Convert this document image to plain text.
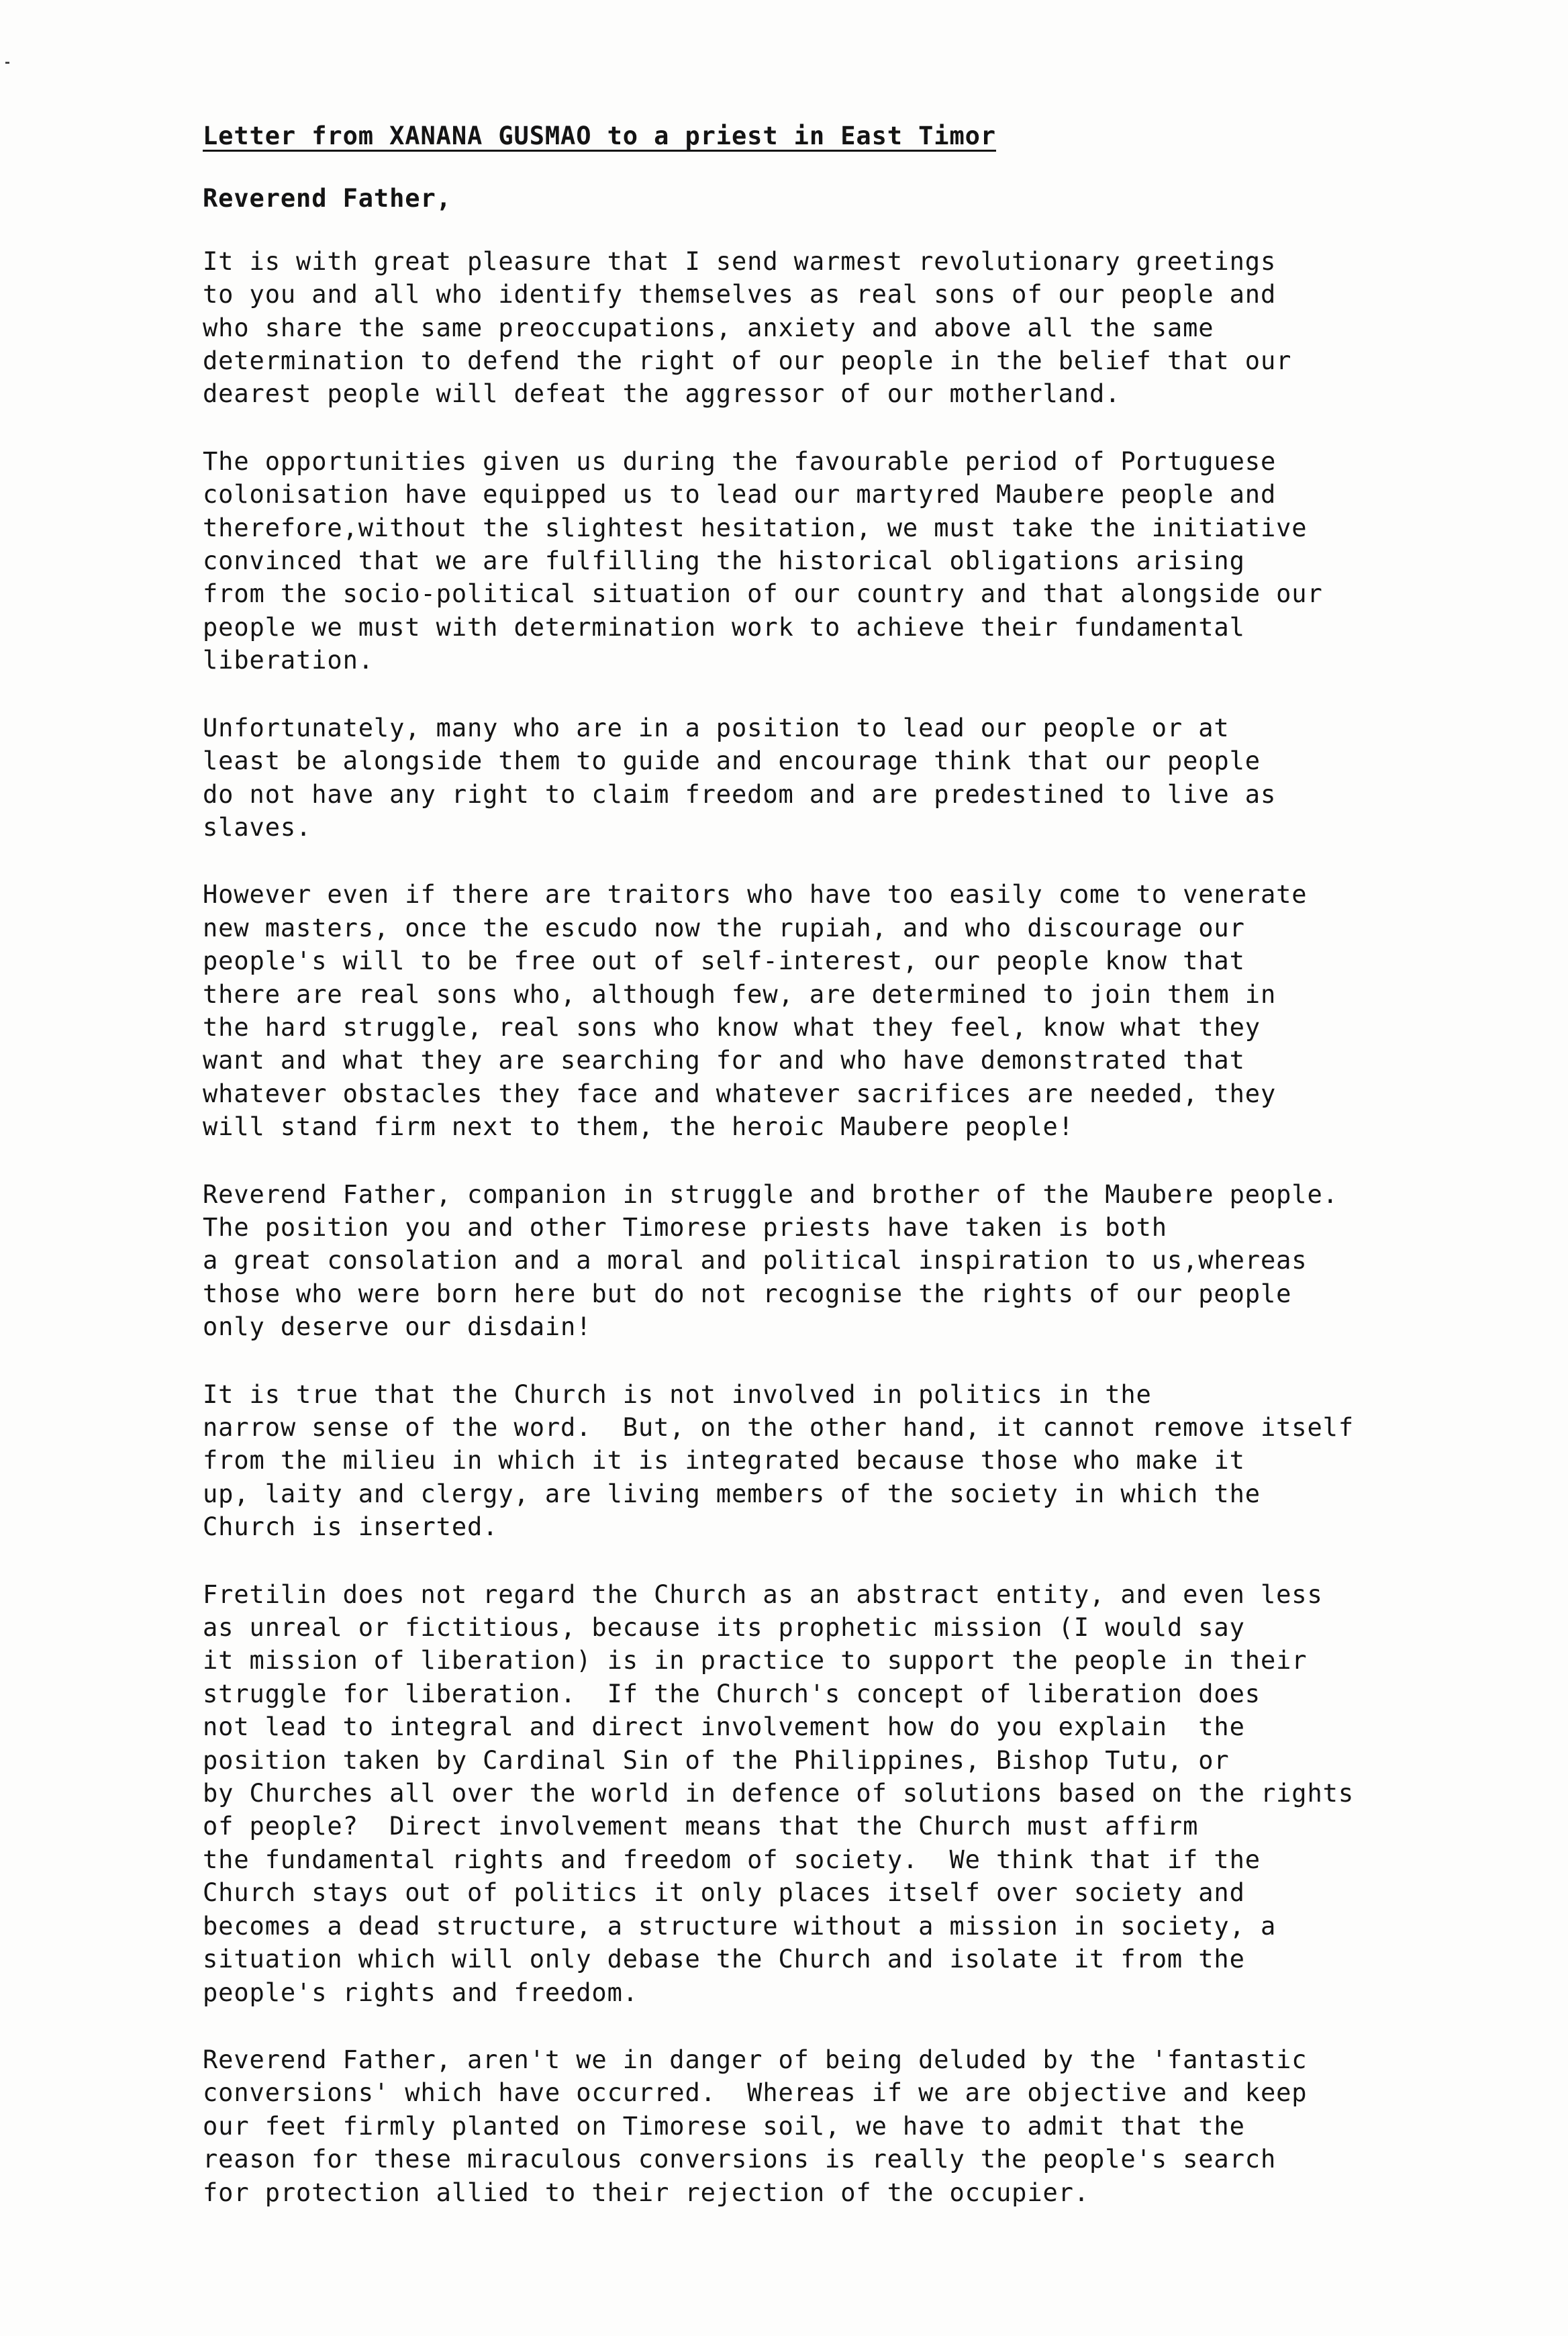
Letter from XANANA GUSMAO to a priest in East Timor
Reverend Father,
It is with great pleasure that I send warmest revolutionary greetings
to you and all who identify themselves as real sons of our people and
who share the same preoccupations, anxiety and above all the same
determination to defend the right of our people in the belief that our
dearest people will defeat the aggressor of our motherland.
The opportunities given us during the favourable period of Portuguese
colonisation have equipped us to lead our martyred Maubere people and
therefore,without the slightest hesitation, we must take the initiative
convinced that we are fulfilling the historical obligations arising
from the socio-political situation of our country and that alongside our
people we must with determination work to achieve their fundamental
liberation.
Unfortunately, many who are in a position to lead our people or at
least be alongside them to guide and encourage think that our people
do not have any right to claim freedom and are predestined to live as
slaves.
However even if there are traitors who have too easily come to venerate
new masters, once the escudo now the rupiah, and who discourage our
people's will to be free out of self-interest, our people know that
there are real sons who, although few, are determined to join them in
the hard struggle, real sons who know what they feel, know what they
want and what they are searching for and who have demonstrated that
whatever obstacles they face and whatever sacrifices are needed, they
will stand firm next to them, the heroic Maubere people!
Reverend Father, companion in struggle and brother of the Maubere people.
The position you and other Timorese priests have taken is both
a great consolation and a moral and political inspiration to us,whereas
those who were born here but do not recognise the rights of our people
only deserve our disdain!
It is true that the Church is not involved in politics in the
narrow sense of the word.  But, on the other hand, it cannot remove itself
from the milieu in which it is integrated because those who make it
up, laity and clergy, are living members of the society in which the
Church is inserted.
Fretilin does not regard the Church as an abstract entity, and even less
as unreal or fictitious, because its prophetic mission (I would say
it mission of liberation) is in practice to support the people in their
struggle for liberation.  If the Church's concept of liberation does
not lead to integral and direct involvement how do you explain  the
position taken by Cardinal Sin of the Philippines, Bishop Tutu, or
by Churches all over the world in defence of solutions based on the rights
of people?  Direct involvement means that the Church must affirm
the fundamental rights and freedom of society.  We think that if the
Church stays out of politics it only places itself over society and
becomes a dead structure, a structure without a mission in society, a
situation which will only debase the Church and isolate it from the
people's rights and freedom.
Reverend Father, aren't we in danger of being deluded by the 'fantastic
conversions' which have occurred.  Whereas if we are objective and keep
our feet firmly planted on Timorese soil, we have to admit that the
reason for these miraculous conversions is really the people's search
for protection allied to their rejection of the occupier.
